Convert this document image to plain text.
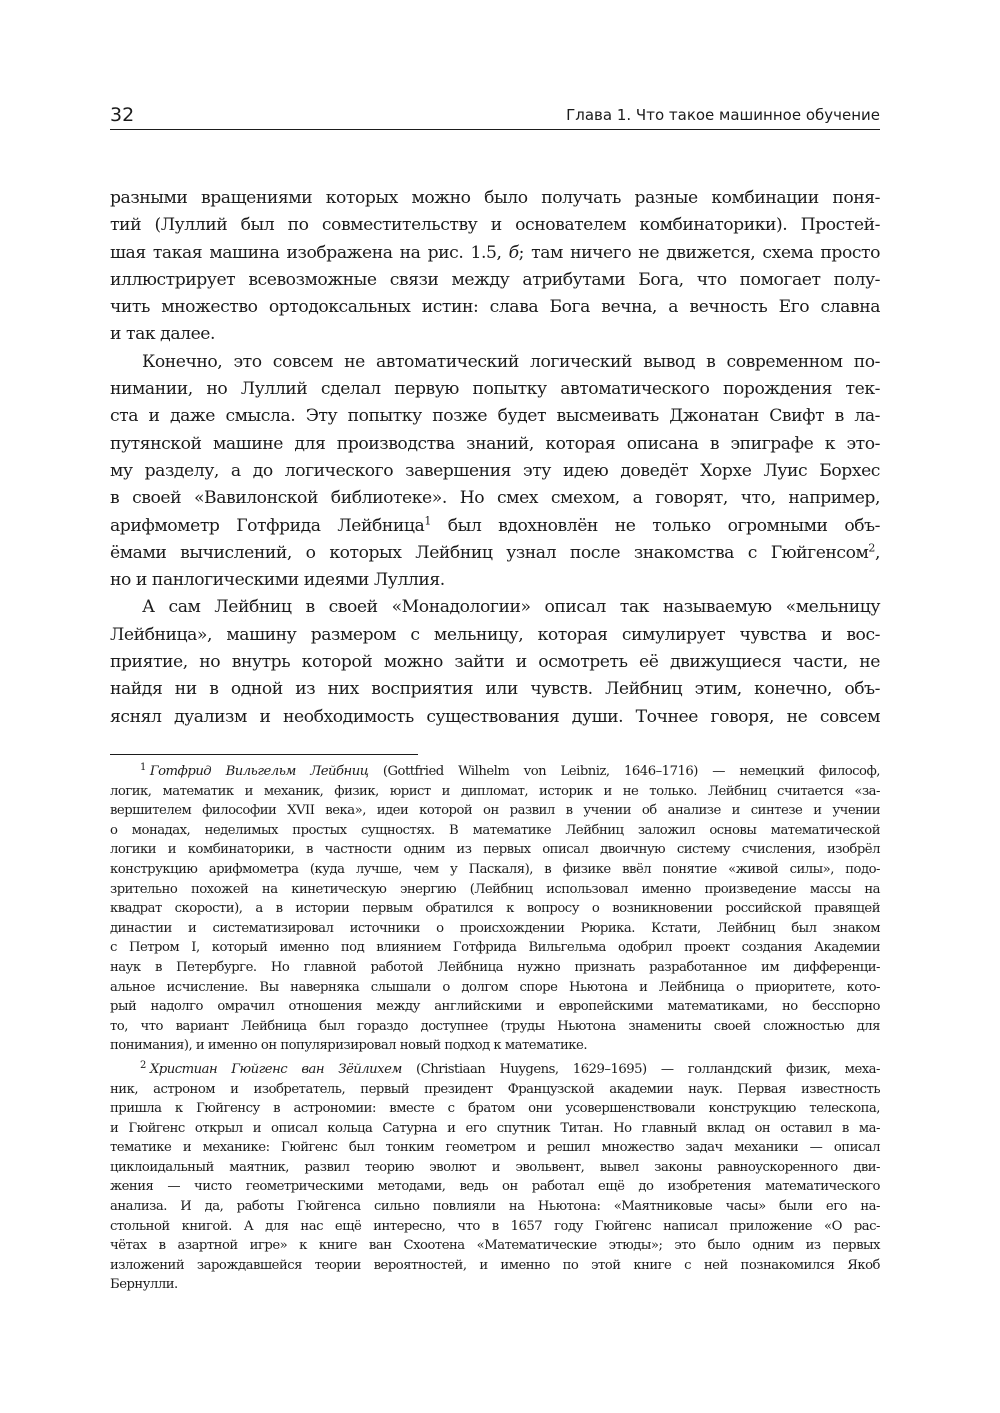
32	Глава 1. Что такое машинное обучение
разными вращениями которых можно было получать разные комбинации поня-
тий (Луллий был по совместительству и основателем комбинаторики). Простей-
шая такая машина изображена на рис. 1.5, б; там ничего не движется, схема просто
иллюстрирует всевозможные связи между атрибутами Бога, что помогает полу-
чить множество ортодоксальных истин: слава Бога вечна, а вечность Его славна
и так далее.
Конечно, это совсем не автоматический логический вывод в современном по-
нимании, но Луллий сделал первую попытку автоматического порождения тек-
ста и даже смысла. Эту попытку позже будет высмеивать Джонатан Свифт в ла-
путянской машине для производства знаний, которая описана в эпиграфе к это-
му разделу, а до логического завершения эту идею доведёт Хорхе Луис Борхес
в своей «Вавилонской библиотеке». Но смех смехом, а говорят, что, например,
арифмометр Готфрида Лейбница$^1$ был вдохновлён не только огромными объ-
ёмами вычислений, о которых Лейбниц узнал после знакомства с Гюйгенсом$^2$,
но и панлогическими идеями Луллия.
А сам Лейбниц в своей «Монадологии» описал так называемую «мельницу
Лейбница», машину размером с мельницу, которая симулирует чувства и вос-
приятие, но внутрь которой можно зайти и осмотреть её движущиеся части, не
найдя ни в одной из них восприятия или чувств. Лейбниц этим, конечно, объ-
яснял дуализм и необходимость существования души. Точнее говоря, не совсем
$^1$ Готфрид Вильгельм Лейбниц (Gottfried Wilhelm von Leibniz, 1646–1716) — немецкий философ,
логик, математик и механик, физик, юрист и дипломат, историк и не только. Лейбниц считается «за-
вершителем философии XVII века», идеи которой он развил в учении об анализе и синтезе и учении
о монадах, неделимых простых сущностях. В математике Лейбниц заложил основы математической
логики и комбинаторики, в частности одним из первых описал двоичную систему счисления, изобрёл
конструкцию арифмометра (куда лучше, чем у Паскаля), в физике ввёл понятие «живой силы», подо-
зрительно похожей на кинетическую энергию (Лейбниц использовал именно произведение массы на
квадрат скорости), а в истории первым обратился к вопросу о возникновении российской правящей
династии и систематизировал источники о происхождении Рюрика. Кстати, Лейбниц был знаком
с Петром I, который именно под влиянием Готфрида Вильгельма одобрил проект создания Академии
наук в Петербурге. Но главной работой Лейбница нужно признать разработанное им дифференци-
альное исчисление. Вы наверняка слышали о долгом споре Ньютона и Лейбница о приоритете, кото-
рый надолго омрачил отношения между английскими и европейскими математиками, но бесспорно
то, что вариант Лейбница был гораздо доступнее (труды Ньютона знамениты своей сложностью для
понимания), и именно он популяризировал новый подход к математике.
$^2$ Христиан Гюйгенс ван Зёйлихем (Christiaan Huygens, 1629–1695) — голландский физик, меха-
ник, астроном и изобретатель, первый президент Французской академии наук. Первая известность
пришла к Гюйгенсу в астрономии: вместе с братом они усовершенствовали конструкцию телескопа,
и Гюйгенс открыл и описал кольца Сатурна и его спутник Титан. Но главный вклад он оставил в ма-
тематике и механике: Гюйгенс был тонким геометром и решил множество задач механики — описал
циклоидальный маятник, развил теорию эволют и эвольвент, вывел законы равноускоренного дви-
жения — чисто геометрическими методами, ведь он работал ещё до изобретения математического
анализа. И да, работы Гюйгенса сильно повлияли на Ньютона: «Маятниковые часы» были его на-
стольной книгой. А для нас ещё интересно, что в 1657 году Гюйгенс написал приложение «О рас-
чётах в азартной игре» к книге ван Схоотена «Математические этюды»; это было одним из первых
изложений зарождавшейся теории вероятностей, и именно по этой книге с ней познакомился Якоб
Бернулли.
